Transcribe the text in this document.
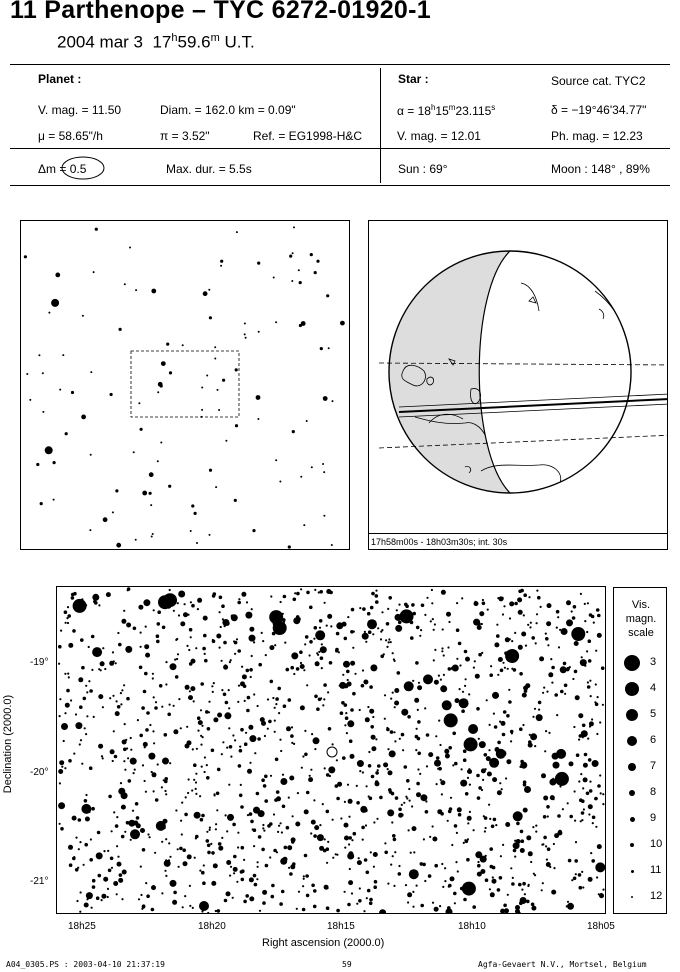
11 Parthenope – TYC 6272-01920-1
2004 mar 3 17$^h$59.6$^m$ U.T.
Planet :
V. mag. = 11.50	Diam. = 162.0 km = 0.09"
μ = 58.65"/h	π = 3.52"	Ref. = EG1998-H&C
Star :	Source cat. TYC2
$\alpha = 18^h15^m23.115^s$	δ = −19°46'34.77"
V. mag. = 12.01	Ph. mag. = 12.23
Δm = 0.5	Max. dur. = 5.5s	Sun : 69°	Moon : 148° , 89%
17h58m00s - 18h03m30s; int. 30s
Declination (2000.0)
-19°
-20°
-21°
18h25	18h20	18h15	18h10	18h05
Right ascension (2000.0)
Vis.
magn.
scale
3
4
5
6
7
8
9
10
11
12
A04_0305.PS : 2003-04-10 21:37:19	59	Agfa-Gevaert N.V., Mortsel, Belgium
